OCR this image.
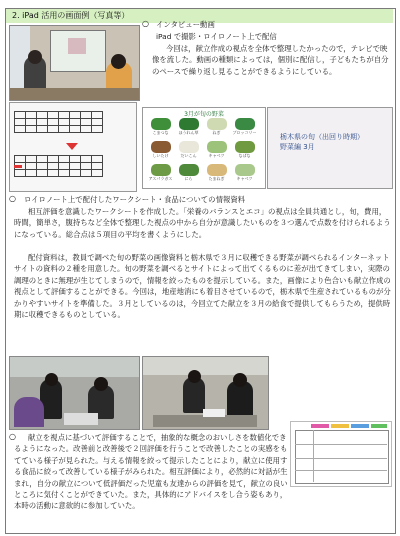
2. iPad 活用の画面例（写真等）
○ インタビュー動画
iPad で撮影・ロイロノート上で配信
今回は，献立作成の視点を全体で整理したかったので，テレビで映像を流した。動画の種類によっては，個別に配信し，子どもたちが自分のペースで繰り返し見ることができるようにしている。

3月が旬の野菜
こまつな	ほうれん草	ねぎ	ブロッコリー
しいたけ	だいこん	キャベツ	なばな
アスパラガス	にら	たまねぎ	キャベツ
栃木県の旬（出回り時期） 野菜編 3月
○ ロイロノート上で配付したワークシート・食品についての情報資料
相互評価を意識したワークシートを作成した。「栄養のバランスとエコ」の視点は全員共通とし，旬，費用，時間，簡単さ，腹持ちなど全体で整理した視点の中から自分が意識したいものを３つ選んで点数を付けられるようになっている。総合点は５項目の平均を書くようにした。
配付資料は，教員で調べた旬の野菜の画像資料と栃木県で３月に収穫できる野菜が調べられるインターネットサイトの資料の２種を用意した。旬の野菜を調べるとサイトによって出てくるものに差が出てきてしまい，実際の調理のときに無理が生じてしまうので，情報を絞ったものを提示している。また，画像により色合いも献立作成の視点として評価することができる。今回は，地産地消にも着目させているので，栃木県で生産されているものが分かりやすいサイトを準備した。３月としているのは，今回立てた献立を３月の給食で提供してもらうため，提供時期に収穫できるものとしている。
○	献立を視点に基づいて評価することで，抽象的な概念のおいしさを数値化できるようになった。改善前と改善後で２回評価を行うことで改善したことの実感をもてている様子が見られた。与える情報を絞って提示したことにより，献立に使用する食品に絞って改善している様子がみられた。相互評価により，必然的に対話が生まれ，自分の献立について低評価だった児童も友達からの評価を見て，献立の良いところに気付くことができていた。また，具体的にアドバイスをし合う姿もあり，本時の活動に意欲的に参加していた。
